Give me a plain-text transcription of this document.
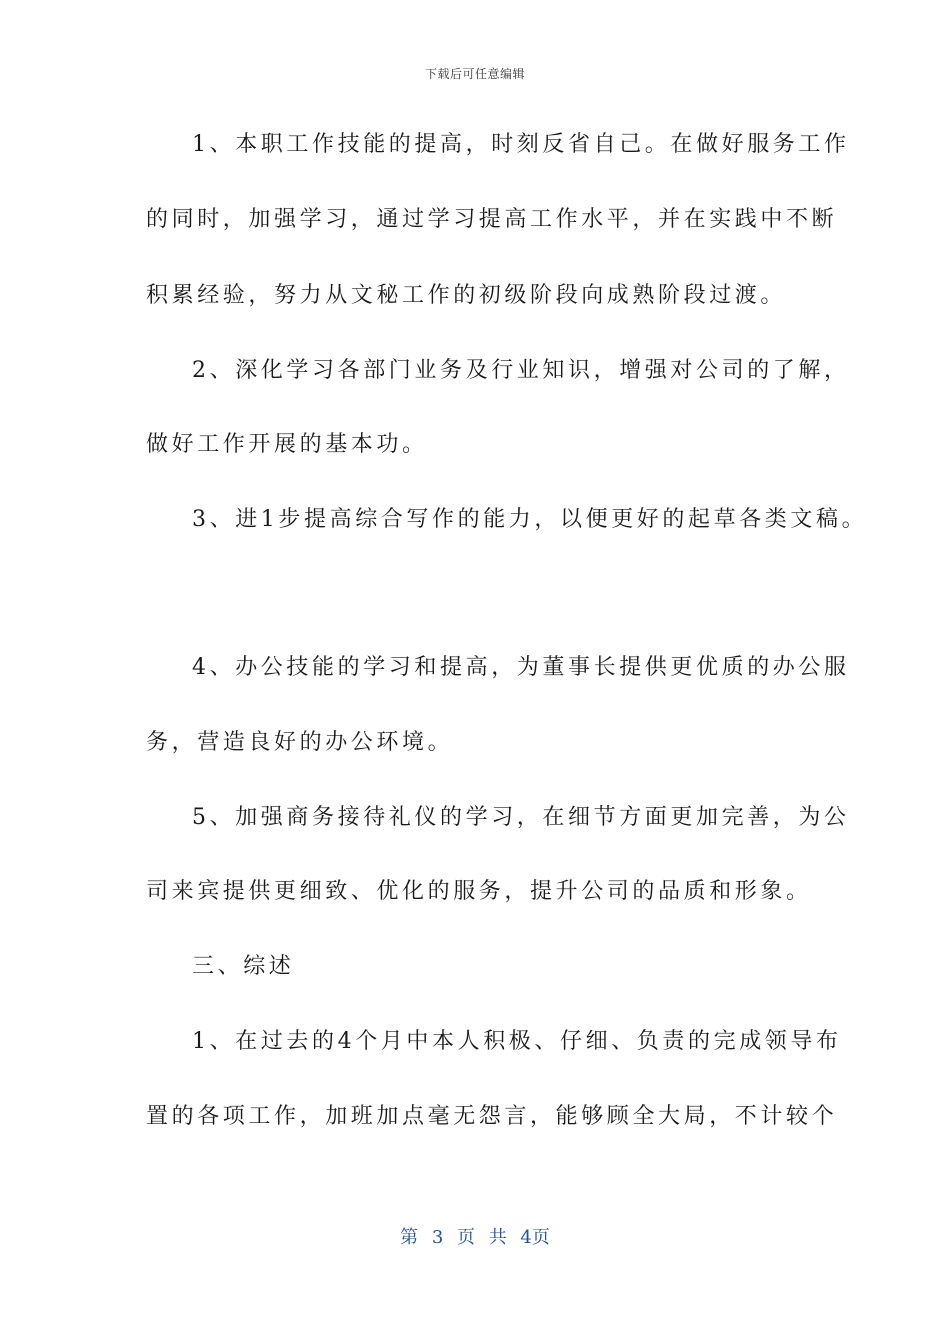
下载后可任意编辑
1、本职工作技能的提高，时刻反省自己。在做好服务工作
的同时，加强学习，通过学习提高工作水平，并在实践中不断
积累经验，努力从文秘工作的初级阶段向成熟阶段过渡。
2、深化学习各部门业务及行业知识，增强对公司的了解，
做好工作开展的基本功。
3、进1步提高综合写作的能力，以便更好的起草各类文稿。
4、办公技能的学习和提高，为董事长提供更优质的办公服
务，营造良好的办公环境。
5、加强商务接待礼仪的学习，在细节方面更加完善，为公
司来宾提供更细致、优化的服务，提升公司的品质和形象。
三、综述
1、在过去的4个月中本人积极、仔细、负责的完成领导布
置的各项工作，加班加点毫无怨言，能够顾全大局，不计较个
第 3 页 共 4页
